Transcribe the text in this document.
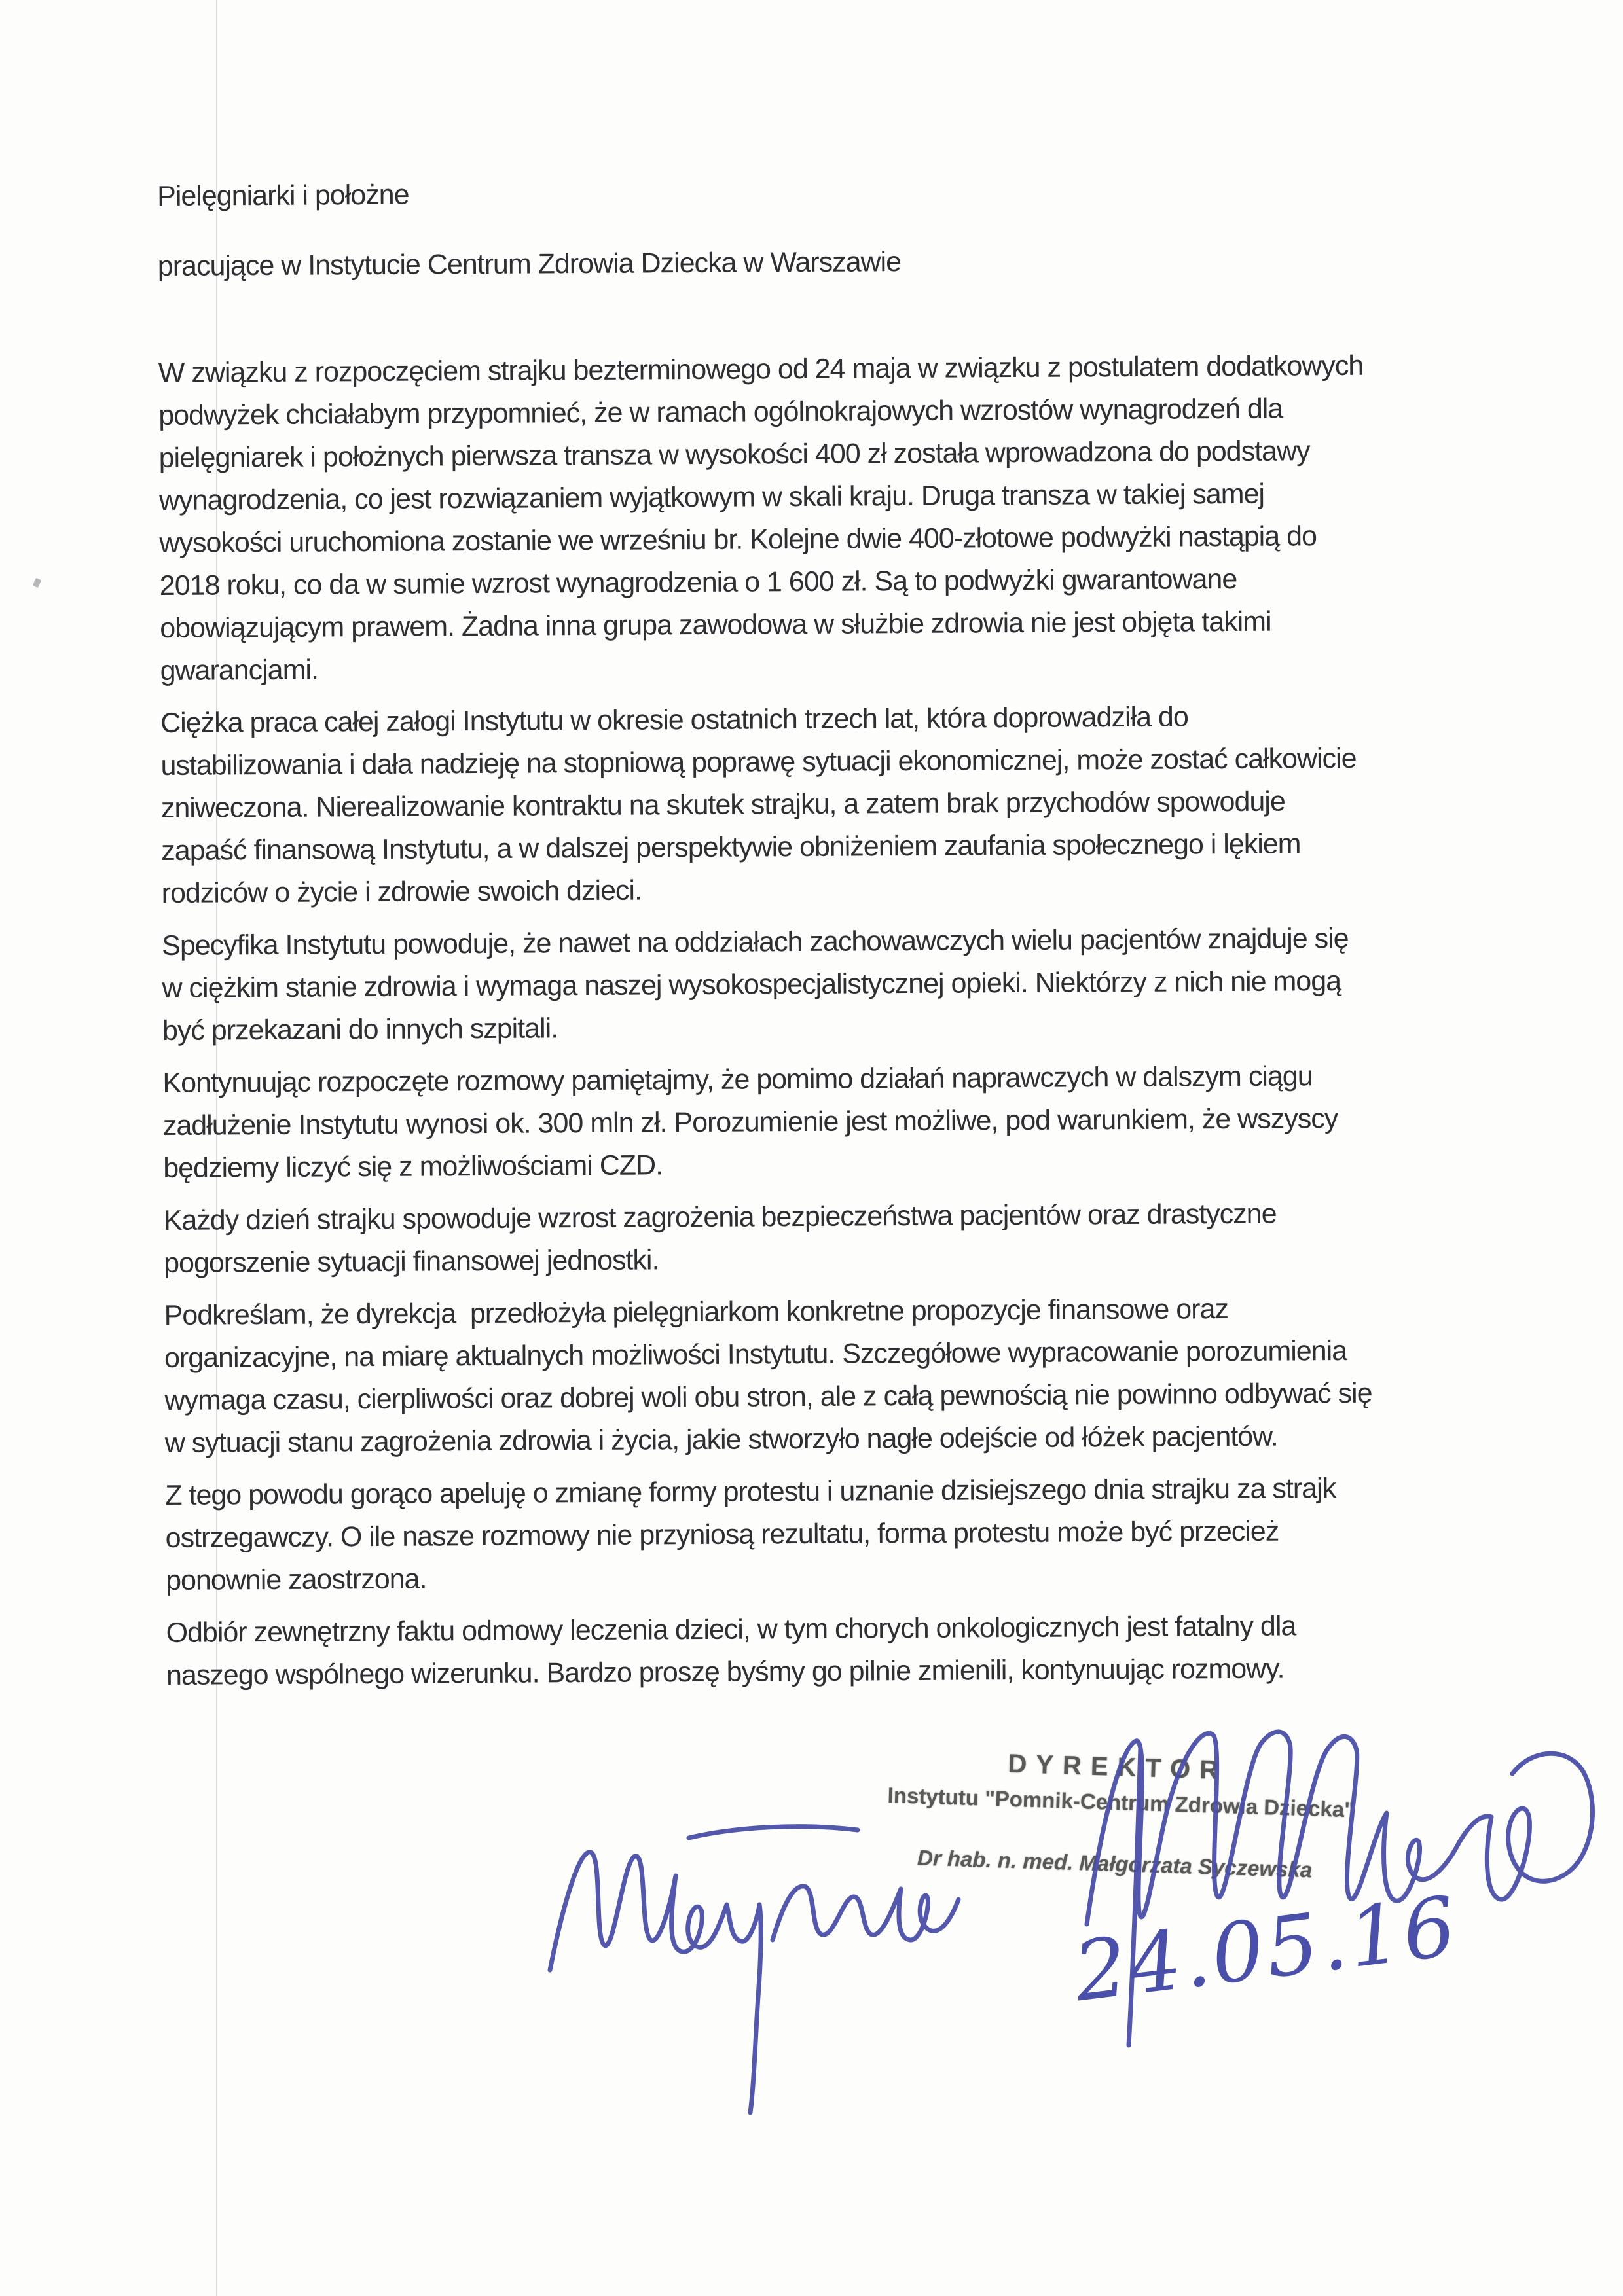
Pielęgniarki i położne
pracujące w Instytucie Centrum Zdrowia Dziecka w Warszawie
W związku z rozpoczęciem strajku bezterminowego od 24 maja w związku z postulatem dodatkowych
podwyżek chciałabym przypomnieć, że w ramach ogólnokrajowych wzrostów wynagrodzeń dla
pielęgniarek i położnych pierwsza transza w wysokości 400 zł została wprowadzona do podstawy
wynagrodzenia, co jest rozwiązaniem wyjątkowym w skali kraju. Druga transza w takiej samej
wysokości uruchomiona zostanie we wrześniu br. Kolejne dwie 400-złotowe podwyżki nastąpią do
2018 roku, co da w sumie wzrost wynagrodzenia o 1 600 zł. Są to podwyżki gwarantowane
obowiązującym prawem. Żadna inna grupa zawodowa w służbie zdrowia nie jest objęta takimi
gwarancjami.
Ciężka praca całej załogi Instytutu w okresie ostatnich trzech lat, która doprowadziła do
ustabilizowania i dała nadzieję na stopniową poprawę sytuacji ekonomicznej, może zostać całkowicie
zniweczona. Nierealizowanie kontraktu na skutek strajku, a zatem brak przychodów spowoduje
zapaść finansową Instytutu, a w dalszej perspektywie obniżeniem zaufania społecznego i lękiem
rodziców o życie i zdrowie swoich dzieci.
Specyfika Instytutu powoduje, że nawet na oddziałach zachowawczych wielu pacjentów znajduje się
w ciężkim stanie zdrowia i wymaga naszej wysokospecjalistycznej opieki. Niektórzy z nich nie mogą
być przekazani do innych szpitali.
Kontynuując rozpoczęte rozmowy pamiętajmy, że pomimo działań naprawczych w dalszym ciągu
zadłużenie Instytutu wynosi ok. 300 mln zł. Porozumienie jest możliwe, pod warunkiem, że wszyscy
będziemy liczyć się z możliwościami CZD.
Każdy dzień strajku spowoduje wzrost zagrożenia bezpieczeństwa pacjentów oraz drastyczne
pogorszenie sytuacji finansowej jednostki.
Podkreślam, że dyrekcja  przedłożyła pielęgniarkom konkretne propozycje finansowe oraz
organizacyjne, na miarę aktualnych możliwości Instytutu. Szczegółowe wypracowanie porozumienia
wymaga czasu, cierpliwości oraz dobrej woli obu stron, ale z całą pewnością nie powinno odbywać się
w sytuacji stanu zagrożenia zdrowia i życia, jakie stworzyło nagłe odejście od łóżek pacjentów.
Z tego powodu gorąco apeluję o zmianę formy protestu i uznanie dzisiejszego dnia strajku za strajk
ostrzegawczy. O ile nasze rozmowy nie przyniosą rezultatu, forma protestu może być przecież
ponownie zaostrzona.
Odbiór zewnętrzny faktu odmowy leczenia dzieci, w tym chorych onkologicznych jest fatalny dla
naszego wspólnego wizerunku. Bardzo proszę byśmy go pilnie zmienili, kontynuując rozmowy.
DYREKTOR
Instytutu "Pomnik-Centrum Zdrowia Dziecka"
Dr hab. n. med. Małgorzata Syczewska
24.05.16
